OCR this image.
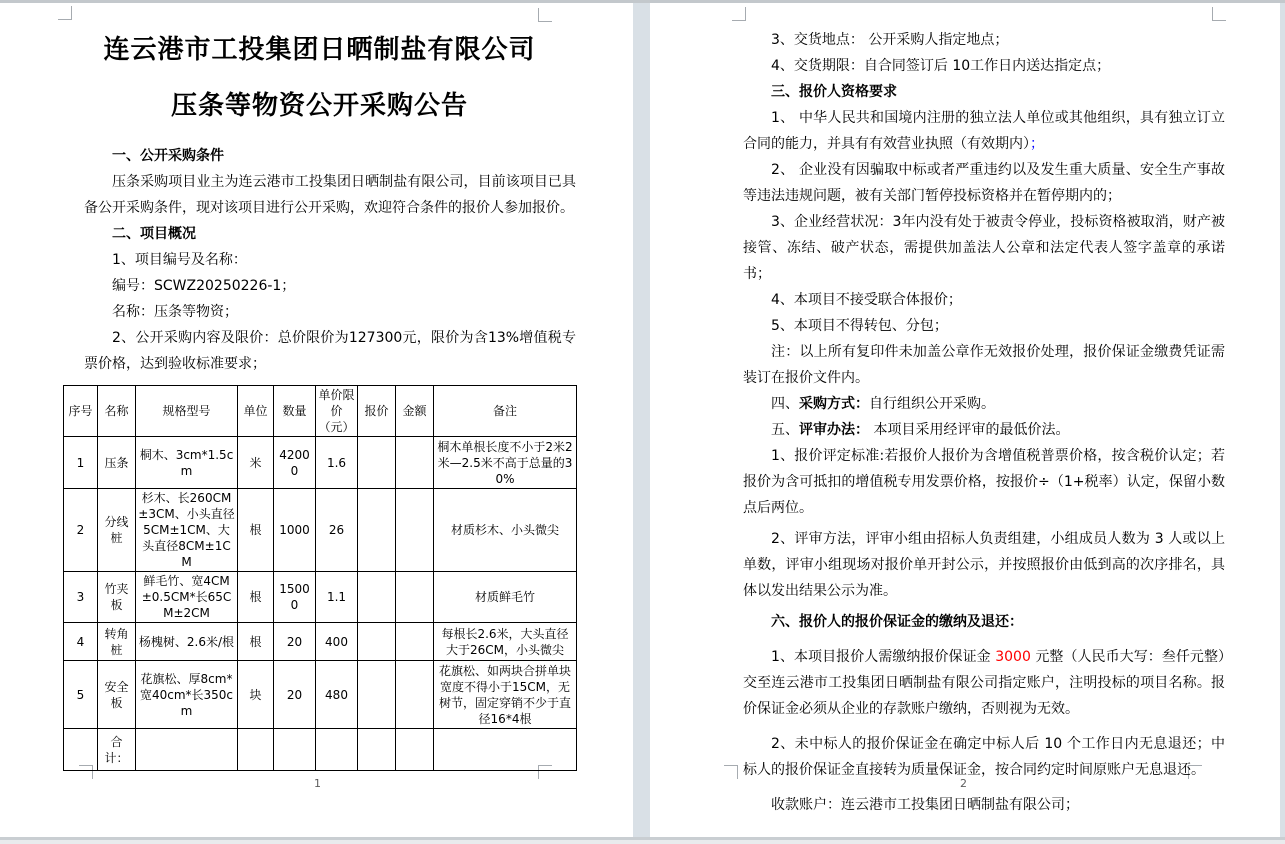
连云港市工投集团日晒制盐有限公司
压条等物资公开采购公告
一、公开采购条件
压条采购项目业主为连云港市工投集团日晒制盐有限公司，目前该项目已具备公开采购条件，现对该项目进行公开采购，欢迎符合条件的报价人参加报价。
二、项目概况
1、项目编号及名称：
编号：SCWZ20250226-1；
名称：压条等物资；
2、公开采购内容及限价：总价限价为127300元，限价为含13%增值税专票价格，达到验收标准要求；
序号	名称	规格型号	单位	数量	单价限价（元）	报价	金额	备注
1	压条	桐木、3cm*1.5cm	米	42000	1.6			桐木单根长度不小于2米2米—2.5米不高于总量的30%
2	分线桩	杉木、长260CM±3CM、小头直径5CM±1CM、大头直径8CM±1CM	根	1000	26			材质杉木、小头微尖
3	竹夹板	鲜毛竹、宽4CM±0.5CM*长65CM±2CM	根	15000	1.1			材质鲜毛竹
4	转角桩	杨槐树、2.6米/根	根	20	400			每根长2.6米，大头直径大于26CM，小头微尖
5	安全板	花旗松、厚8cm*宽40cm*长350cm	块	20	480			花旗松、如两块合拼单块宽度不得小于15CM，无树节，固定穿销不少于直径16*4根
	合计：							
1
3、交货地点： 公开采购人指定地点；
4、交货期限：自合同签订后 10工作日内送达指定点；
三、报价人资格要求
1、 中华人民共和国境内注册的独立法人单位或其他组织，具有独立订立合同的能力，并具有有效营业执照（有效期内）；
2、 企业没有因骗取中标或者严重违约以及发生重大质量、安全生产事故等违法违规问题，被有关部门暂停投标资格并在暂停期内的；
3、企业经营状况：3年内没有处于被责令停业，投标资格被取消，财产被接管、冻结、破产状态，需提供加盖法人公章和法定代表人签字盖章的承诺书；
4、本项目不接受联合体报价；
5、本项目不得转包、分包；
注：以上所有复印件未加盖公章作无效报价处理，报价保证金缴费凭证需装订在报价文件内。
四、采购方式：自行组织公开采购。
五、评审办法： 本项目采用经评审的最低价法。
1、报价评定标准:若报价人报价为含增值税普票价格，按含税价认定；若报价为含可抵扣的增值税专用发票价格，按报价÷（1+税率）认定，保留小数点后两位。
2、评审方法，评审小组由招标人负责组建，小组成员人数为 3 人或以上单数，评审小组现场对报价单开封公示，并按照报价由低到高的次序排名，具体以发出结果公示为准。
六、报价人的报价保证金的缴纳及退还：
1、本项目报价人需缴纳报价保证金 3000 元整（人民币大写：叁仟元整）交至连云港市工投集团日晒制盐有限公司指定账户，注明投标的项目名称。报价保证金必须从企业的存款账户缴纳，否则视为无效。
2、未中标人的报价保证金在确定中标人后 10 个工作日内无息退还；中标人的报价保证金直接转为质量保证金，按合同约定时间原账户无息退还。
收款账户：连云港市工投集团日晒制盐有限公司；
2
